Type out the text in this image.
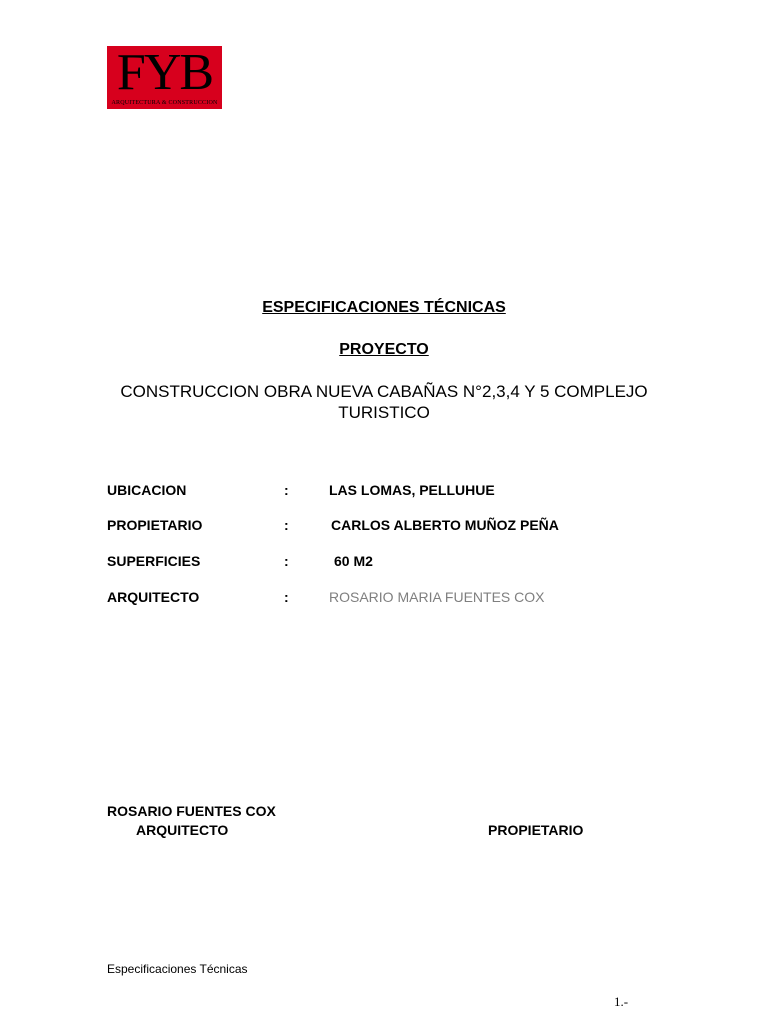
FYB
ARQUITECTURA & CONSTRUCCION
ESPECIFICACIONES TÉCNICAS
PROYECTO
CONSTRUCCION OBRA NUEVA CABAÑAS N°2,3,4 Y 5 COMPLEJO
TURISTICO
UBICACION	:	LAS LOMAS, PELLUHUE
PROPIETARIO	:	CARLOS ALBERTO MUÑOZ PEÑA
SUPERFICIES	:	60 M2
ARQUITECTO	:	ROSARIO MARIA FUENTES COX
ROSARIO FUENTES COX
ARQUITECTO	PROPIETARIO
Especificaciones Técnicas
1.-
